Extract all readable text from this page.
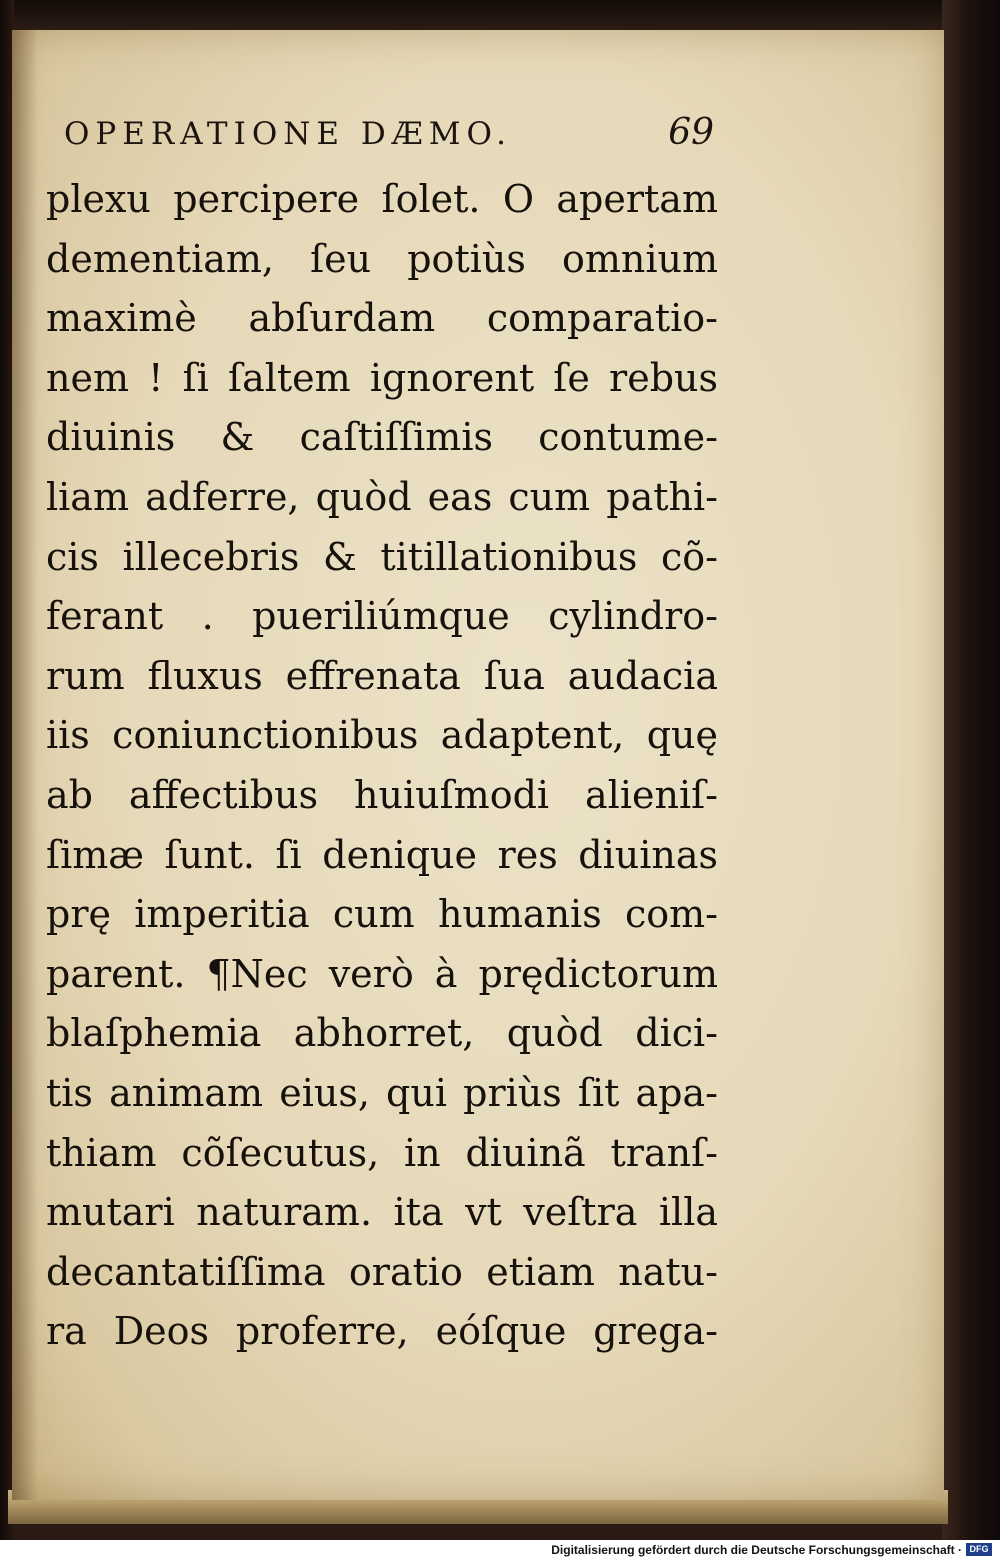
OPERATIONE DÆMO.	69
plexu percipere ſolet. O apertam
dementiam, ſeu potiùs omnium
maximè abſurdam comparatio-
nem ! ſi ſaltem ignorent ſe rebus
diuinis & caſtiſſimis contume-
liam adferre, quòd eas cum pathi-
cis illecebris & titillationibus cõ-
ferant . pueriliúmque cylindro-
rum fluxus effrenata ſua audacia
iis coniunctionibus adaptent, quę
ab affectibus huiuſmodi alieniſ-
ſimæ ſunt. ſi denique res diuinas
prę imperitia cum humanis com-
parent. ¶Nec verò à prędictorum
blaſphemia abhorret, quòd dici-
tis animam eius, qui priùs ſit apa-
thiam cõſecutus, in diuinã tranſ-
mutari naturam. ita vt veſtra illa
decantatiſſima oratio etiam natu-
ra Deos proferre, eóſque grega-
Digitalisierung gefördert durch die Deutsche Forschungsgemeinschaft · DFG
